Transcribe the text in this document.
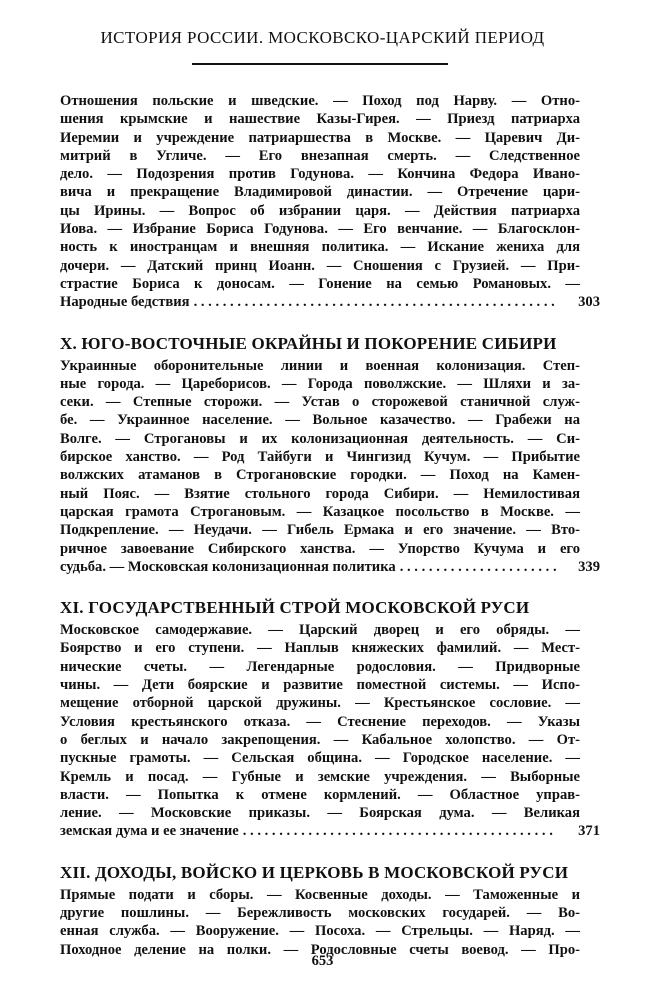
ИСТОРИЯ РОССИИ. МОСКОВСКО-ЦАРСКИЙ ПЕРИОД
Отношения польские и шведские. — Поход под Нарву. — Отно-
шения крымские и нашествие Казы-Гирея. — Приезд патриарха
Иеремии и учреждение патриаршества в Москве. — Царевич Ди-
митрий в Угличе. — Его внезапная смерть. — Следственное
дело. — Подозрения против Годунова. — Кончина Федора Ивано-
вича и прекращение Владимировой династии. — Отречение цари-
цы Ирины. — Вопрос об избрании царя. — Действия патриарха
Иова. — Избрание Бориса Годунова. — Его венчание. — Благосклон-
ность к иностранцам и внешняя политика. — Искание жениха для
дочери. — Датский принц Иоанн. — Сношения с Грузией. — При-
страстие Бориса к доносам. — Гонение на семью Романовых. —
Народные бедствия . . .	303
X. ЮГО-ВОСТОЧНЫЕ ОКРАЙНЫ И ПОКОРЕНИЕ СИБИРИ
Украинные оборонительные линии и военная колонизация. Степ-
ные города. — Цареборисов. — Города поволжские. — Шляхи и за-
секи. — Степные сторожи. — Устав о сторожевой станичной служ-
бе. — Украинное население. — Вольное казачество. — Грабежи на
Волге. — Строгановы и их колонизационная деятельность. — Си-
бирское ханство. — Род Тайбуги и Чингизид Кучум. — Прибытие
волжских атаманов в Строгановские городки. — Поход на Камен-
ный Пояс. — Взятие стольного города Сибири. — Немилостивая
царская грамота Строгановым. — Казацкое посольство в Москве. —
Подкрепление. — Неудачи. — Гибель Ермака и его значение. — Вто-
ричное завоевание Сибирского ханства. — Упорство Кучума и его
судьба. — Московская колонизационная политика . . .	339
XI. ГОСУДАРСТВЕННЫЙ СТРОЙ МОСКОВСКОЙ РУСИ
Московское самодержавие. — Царский дворец и его обряды. —
Боярство и его ступени. — Наплыв княжеских фамилий. — Мест-
нические счеты. — Легендарные родословия. — Придворные
чины. — Дети боярские и развитие поместной системы. — Испо-
мещение отборной царской дружины. — Крестьянское сословие. —
Условия крестьянского отказа. — Стеснение переходов. — Указы
о беглых и начало закрепощения. — Кабальное холопство. — От-
пускные грамоты. — Сельская община. — Городское население. —
Кремль и посад. — Губные и земские учреждения. — Выборные
власти. — Попытка к отмене кормлений. — Областное управ-
ление. — Московские приказы. — Боярская дума. — Великая
земская дума и ее значение . . .	371
XII. ДОХОДЫ, ВОЙСКО И ЦЕРКОВЬ В МОСКОВСКОЙ РУСИ
Прямые подати и сборы. — Косвенные доходы. — Таможенные и
другие пошлины. — Бережливость московских государей. — Во-
енная служба. — Вооружение. — Посоха. — Стрельцы. — Наряд. —
Походное деление на полки. — Родословные счеты воевод. — Про-
653
